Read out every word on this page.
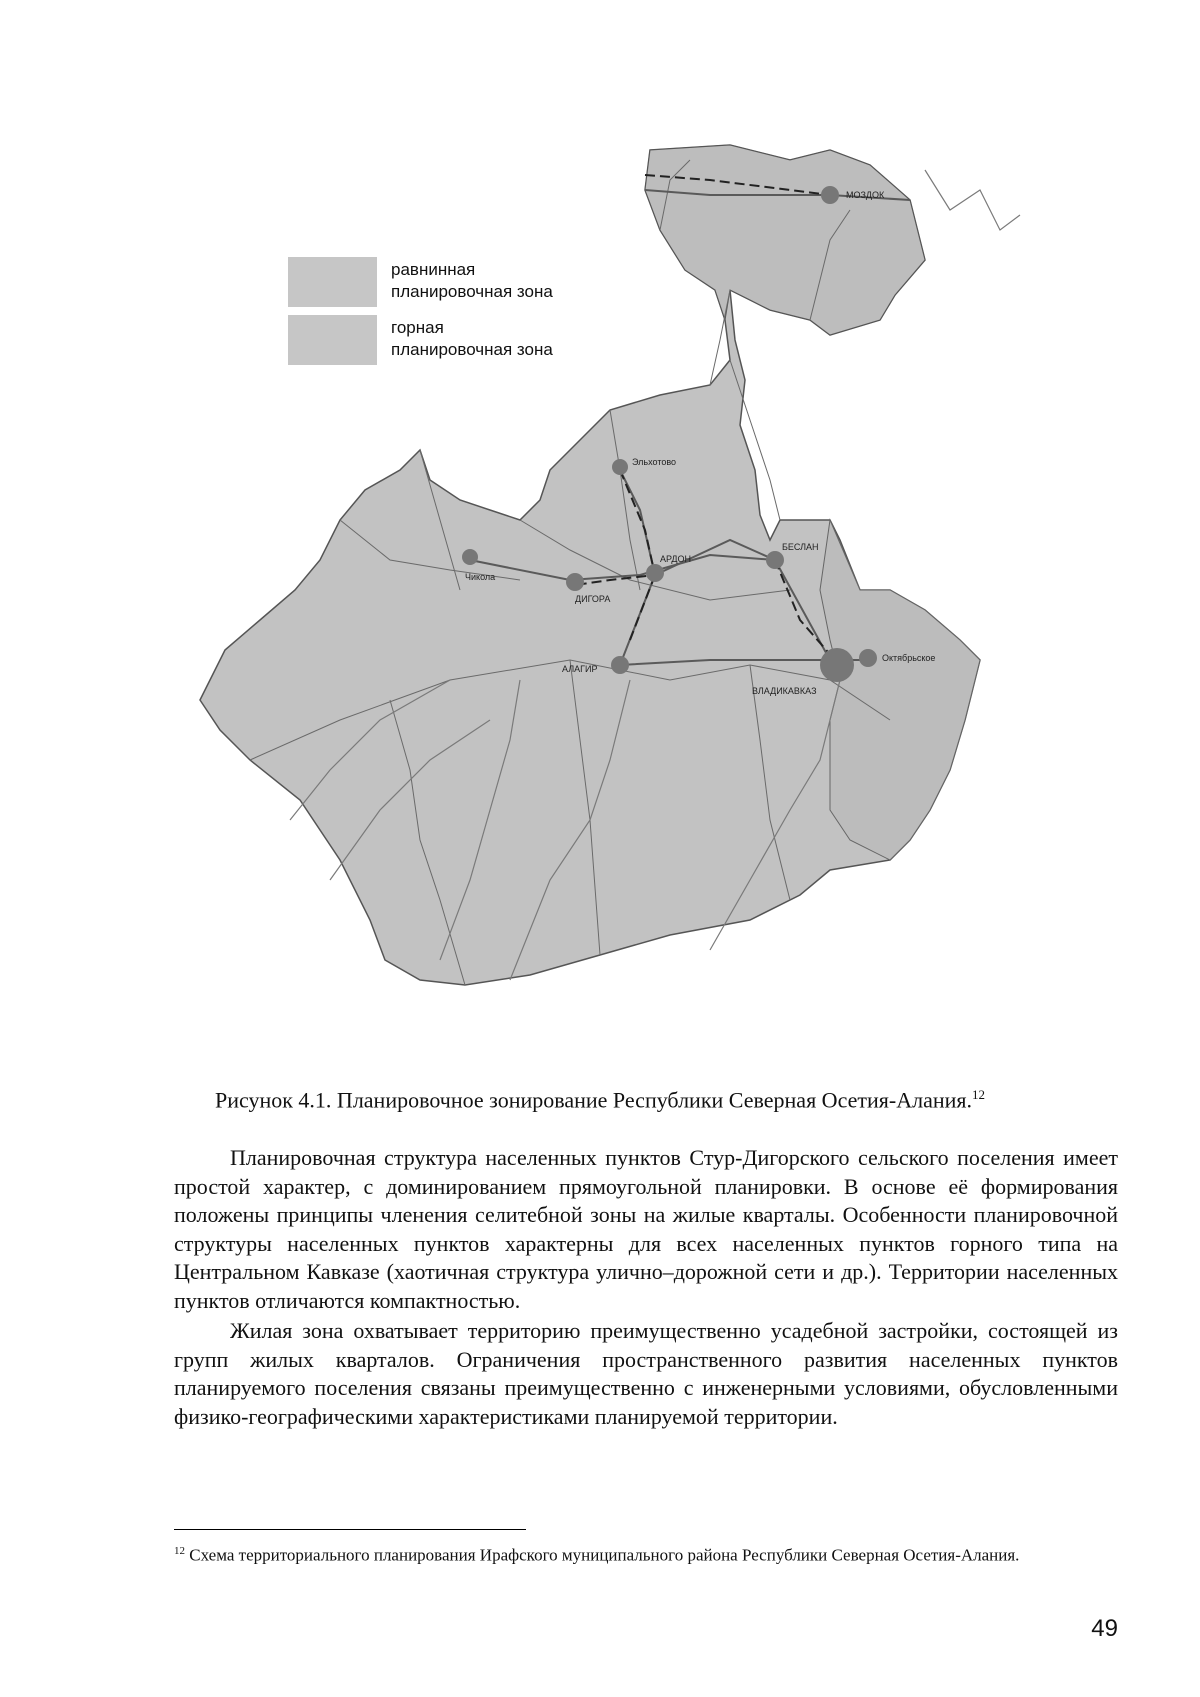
равнинная
планировочная зона
горная
планировочная зона
МОЗДОК
Эльхотово
Чикола
АРДОН
ДИГОРА
БЕСЛАН
АЛАГИР
ВЛАДИКАВКАЗ
Октябрьское
Рисунок 4.1. Планировочное зонирование Республики Северная Осетия-Алания.$^{12}$

Планировочная структура населенных пунктов Стур-Дигорского сельского поселения имеет простой характер, с доминированием прямоугольной планировки. В основе её формирования положены принципы членения селитебной зоны на жилые кварталы. Особенности планировочной структуры населенных пунктов характерны для всех населенных пунктов горного типа на Центральном Кавказе (хаотичная структура улично–дорожной сети и др.). Территории населенных пунктов отличаются компактностью.

Жилая зона охватывает территорию преимущественно усадебной застройки, состоящей из групп жилых кварталов. Ограничения пространственного развития населенных пунктов планируемого поселения связаны преимущественно с инженерными условиями, обусловленными физико-географическими характеристиками планируемой территории.

$^{12}$ Схема территориального планирования Ирафского муниципального района Республики Северная Осетия-Алания.
49
